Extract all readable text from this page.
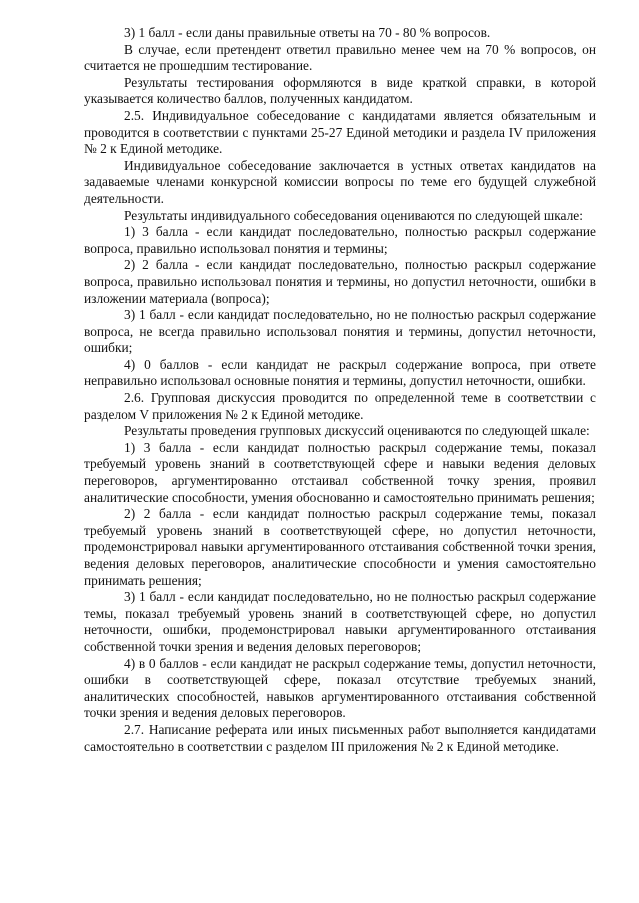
3) 1 балл - если даны правильные ответы на 70 - 80 % вопросов.

В случае, если претендент ответил правильно менее чем на 70 % вопросов, он считается не прошедшим тестирование.

Результаты тестирования оформляются в виде краткой справки, в которой указывается количество баллов, полученных кандидатом.

2.5. Индивидуальное собеседование с кандидатами является обязательным и проводится в соответствии с пунктами 25-27 Единой методики и раздела IV приложения № 2 к Единой методике.

Индивидуальное собеседование заключается в устных ответах кандидатов на задаваемые членами конкурсной комиссии вопросы по теме его будущей служебной деятельности.

Результаты индивидуального собеседования оцениваются по следующей шкале:

1) 3 балла - если кандидат последовательно, полностью раскрыл содержание вопроса, правильно использовал понятия и термины;

2) 2 балла - если кандидат последовательно, полностью раскрыл содержание вопроса, правильно использовал понятия и термины, но допустил неточности, ошибки в изложении материала (вопроса);

3) 1 балл - если кандидат последовательно, но не полностью раскрыл содержание вопроса, не всегда правильно использовал понятия и термины, допустил неточности, ошибки;

4) 0 баллов - если кандидат не раскрыл содержание вопроса, при ответе неправильно использовал основные понятия и термины, допустил неточности, ошибки.

2.6. Групповая дискуссия проводится по определенной теме в соответствии с разделом V приложения № 2 к Единой методике.

Результаты проведения групповых дискуссий оцениваются по следующей шкале:

1) 3 балла - если кандидат полностью раскрыл содержание темы, показал требуемый уровень знаний в соответствующей сфере и навыки ведения деловых переговоров, аргументированно отстаивал собственной точку зрения, проявил аналитические способности, умения обоснованно и самостоятельно принимать решения;

2) 2 балла - если кандидат полностью раскрыл содержание темы, показал требуемый уровень знаний в соответствующей сфере, но допустил неточности, продемонстрировал навыки аргументированного отстаивания собственной точки зрения, ведения деловых переговоров, аналитические способности и умения самостоятельно принимать решения;

3) 1 балл - если кандидат последовательно, но не полностью раскрыл содержание темы, показал требуемый уровень знаний в соответствующей сфере, но допустил неточности, ошибки, продемонстрировал навыки аргументированного отстаивания собственной точки зрения и ведения деловых переговоров;

4) в 0 баллов - если кандидат не раскрыл содержание темы, допустил неточности, ошибки в соответствующей сфере, показал отсутствие требуемых знаний, аналитических способностей, навыков аргументированного отстаивания собственной точки зрения и ведения деловых переговоров.

2.7. Написание реферата или иных письменных работ выполняется кандидатами самостоятельно в соответствии с разделом III приложения № 2 к Единой методике.
